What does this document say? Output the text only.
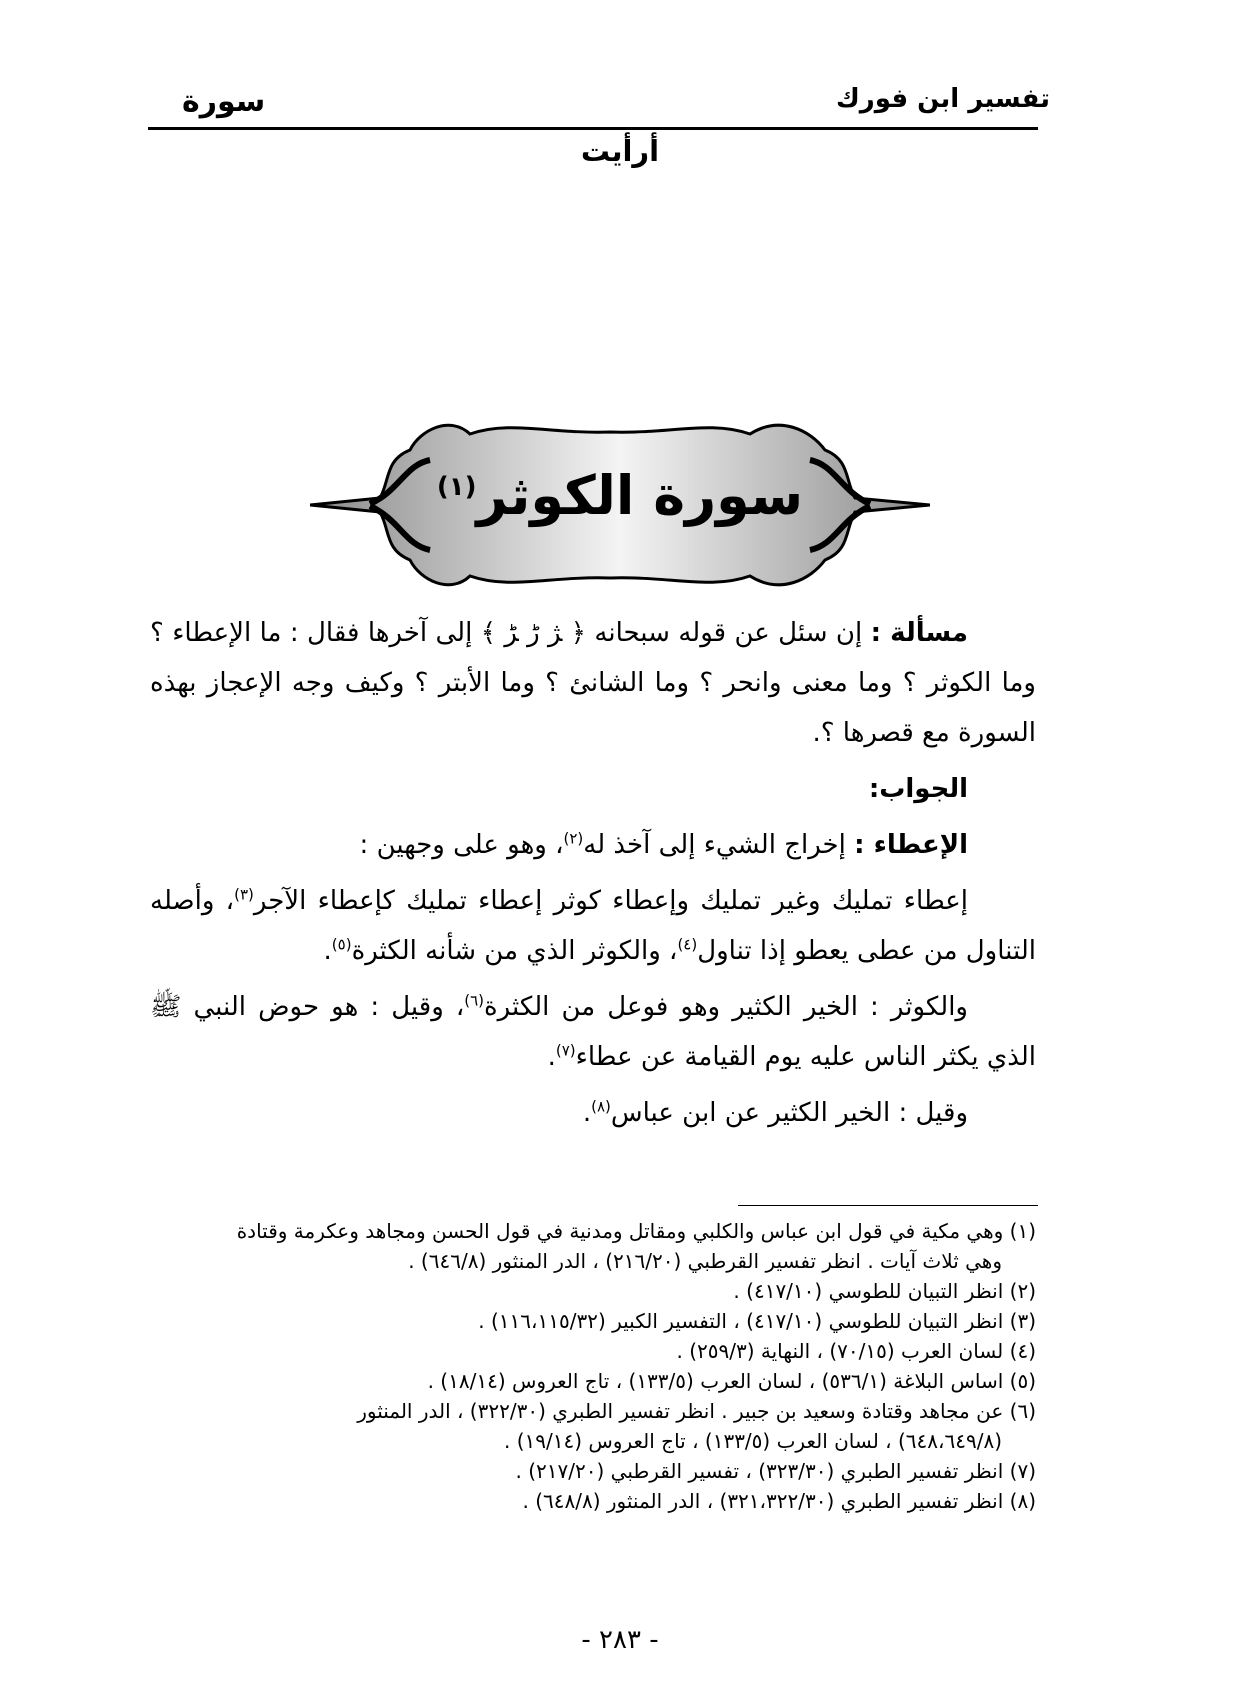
تفسير ابن فورك
سورة
أرأيت
سورة الكوثر$^{(١)}$

مسألة : إن سئل عن قوله سبحانه ﴿ ﮋ ﮌ ﮍ ﴾ إلى آخرها فقال : ما الإعطاء ؟ وما الكوثر ؟ وما معنى وانحر ؟ وما الشانئ ؟ وما الأبتر ؟ وكيف وجه الإعجاز بهذه السورة مع قصرها ؟.

الجواب:

الإعطاء : إخراج الشيء إلى آخذ له$^{(٢)}$، وهو على وجهين :

إعطاء تمليك وغير تمليك وإعطاء كوثر إعطاء تمليك كإعطاء الآجر$^{(٣)}$، وأصله التناول من عطى يعطو إذا تناول$^{(٤)}$، والكوثر الذي من شأنه الكثرة$^{(٥)}$.

والكوثر : الخير الكثير وهو فوعل من الكثرة$^{(٦)}$، وقيل : هو حوض النبي ﷺ الذي يكثر الناس عليه يوم القيامة عن عطاء$^{(٧)}$.

وقيل : الخير الكثير عن ابن عباس$^{(٨)}$.

(١) وهي مكية في قول ابن عباس والكلبي ومقاتل ومدنية في قول الحسن ومجاهد وعكرمة وقتادة
وهي ثلاث آيات . انظر تفسير القرطبي (٢١٦/٢٠) ، الدر المنثور (٦٤٦/٨) .

(٢) انظر التبيان للطوسي (٤١٧/١٠) .

(٣) انظر التبيان للطوسي (٤١٧/١٠) ، التفسير الكبير (١١٦،١١٥/٣٢) .

(٤) لسان العرب (٧٠/١٥) ، النهاية (٢٥٩/٣) .

(٥) اساس البلاغة (٥٣٦/١) ، لسان العرب (١٣٣/٥) ، تاج العروس (١٨/١٤) .

(٦) عن مجاهد وقتادة وسعيد بن جبير . انظر تفسير الطبري (٣٢٢/٣٠) ، الدر المنثور
(٦٤٨،٦٤٩/٨) ، لسان العرب (١٣٣/٥) ، تاج العروس (١٩/١٤) .

(٧) انظر تفسير الطبري (٣٢٣/٣٠) ، تفسير القرطبي (٢١٧/٢٠) .

(٨) انظر تفسير الطبري (٣٢١،٣٢٢/٣٠) ، الدر المنثور (٦٤٨/٨) .

- ٢٨٣ -
